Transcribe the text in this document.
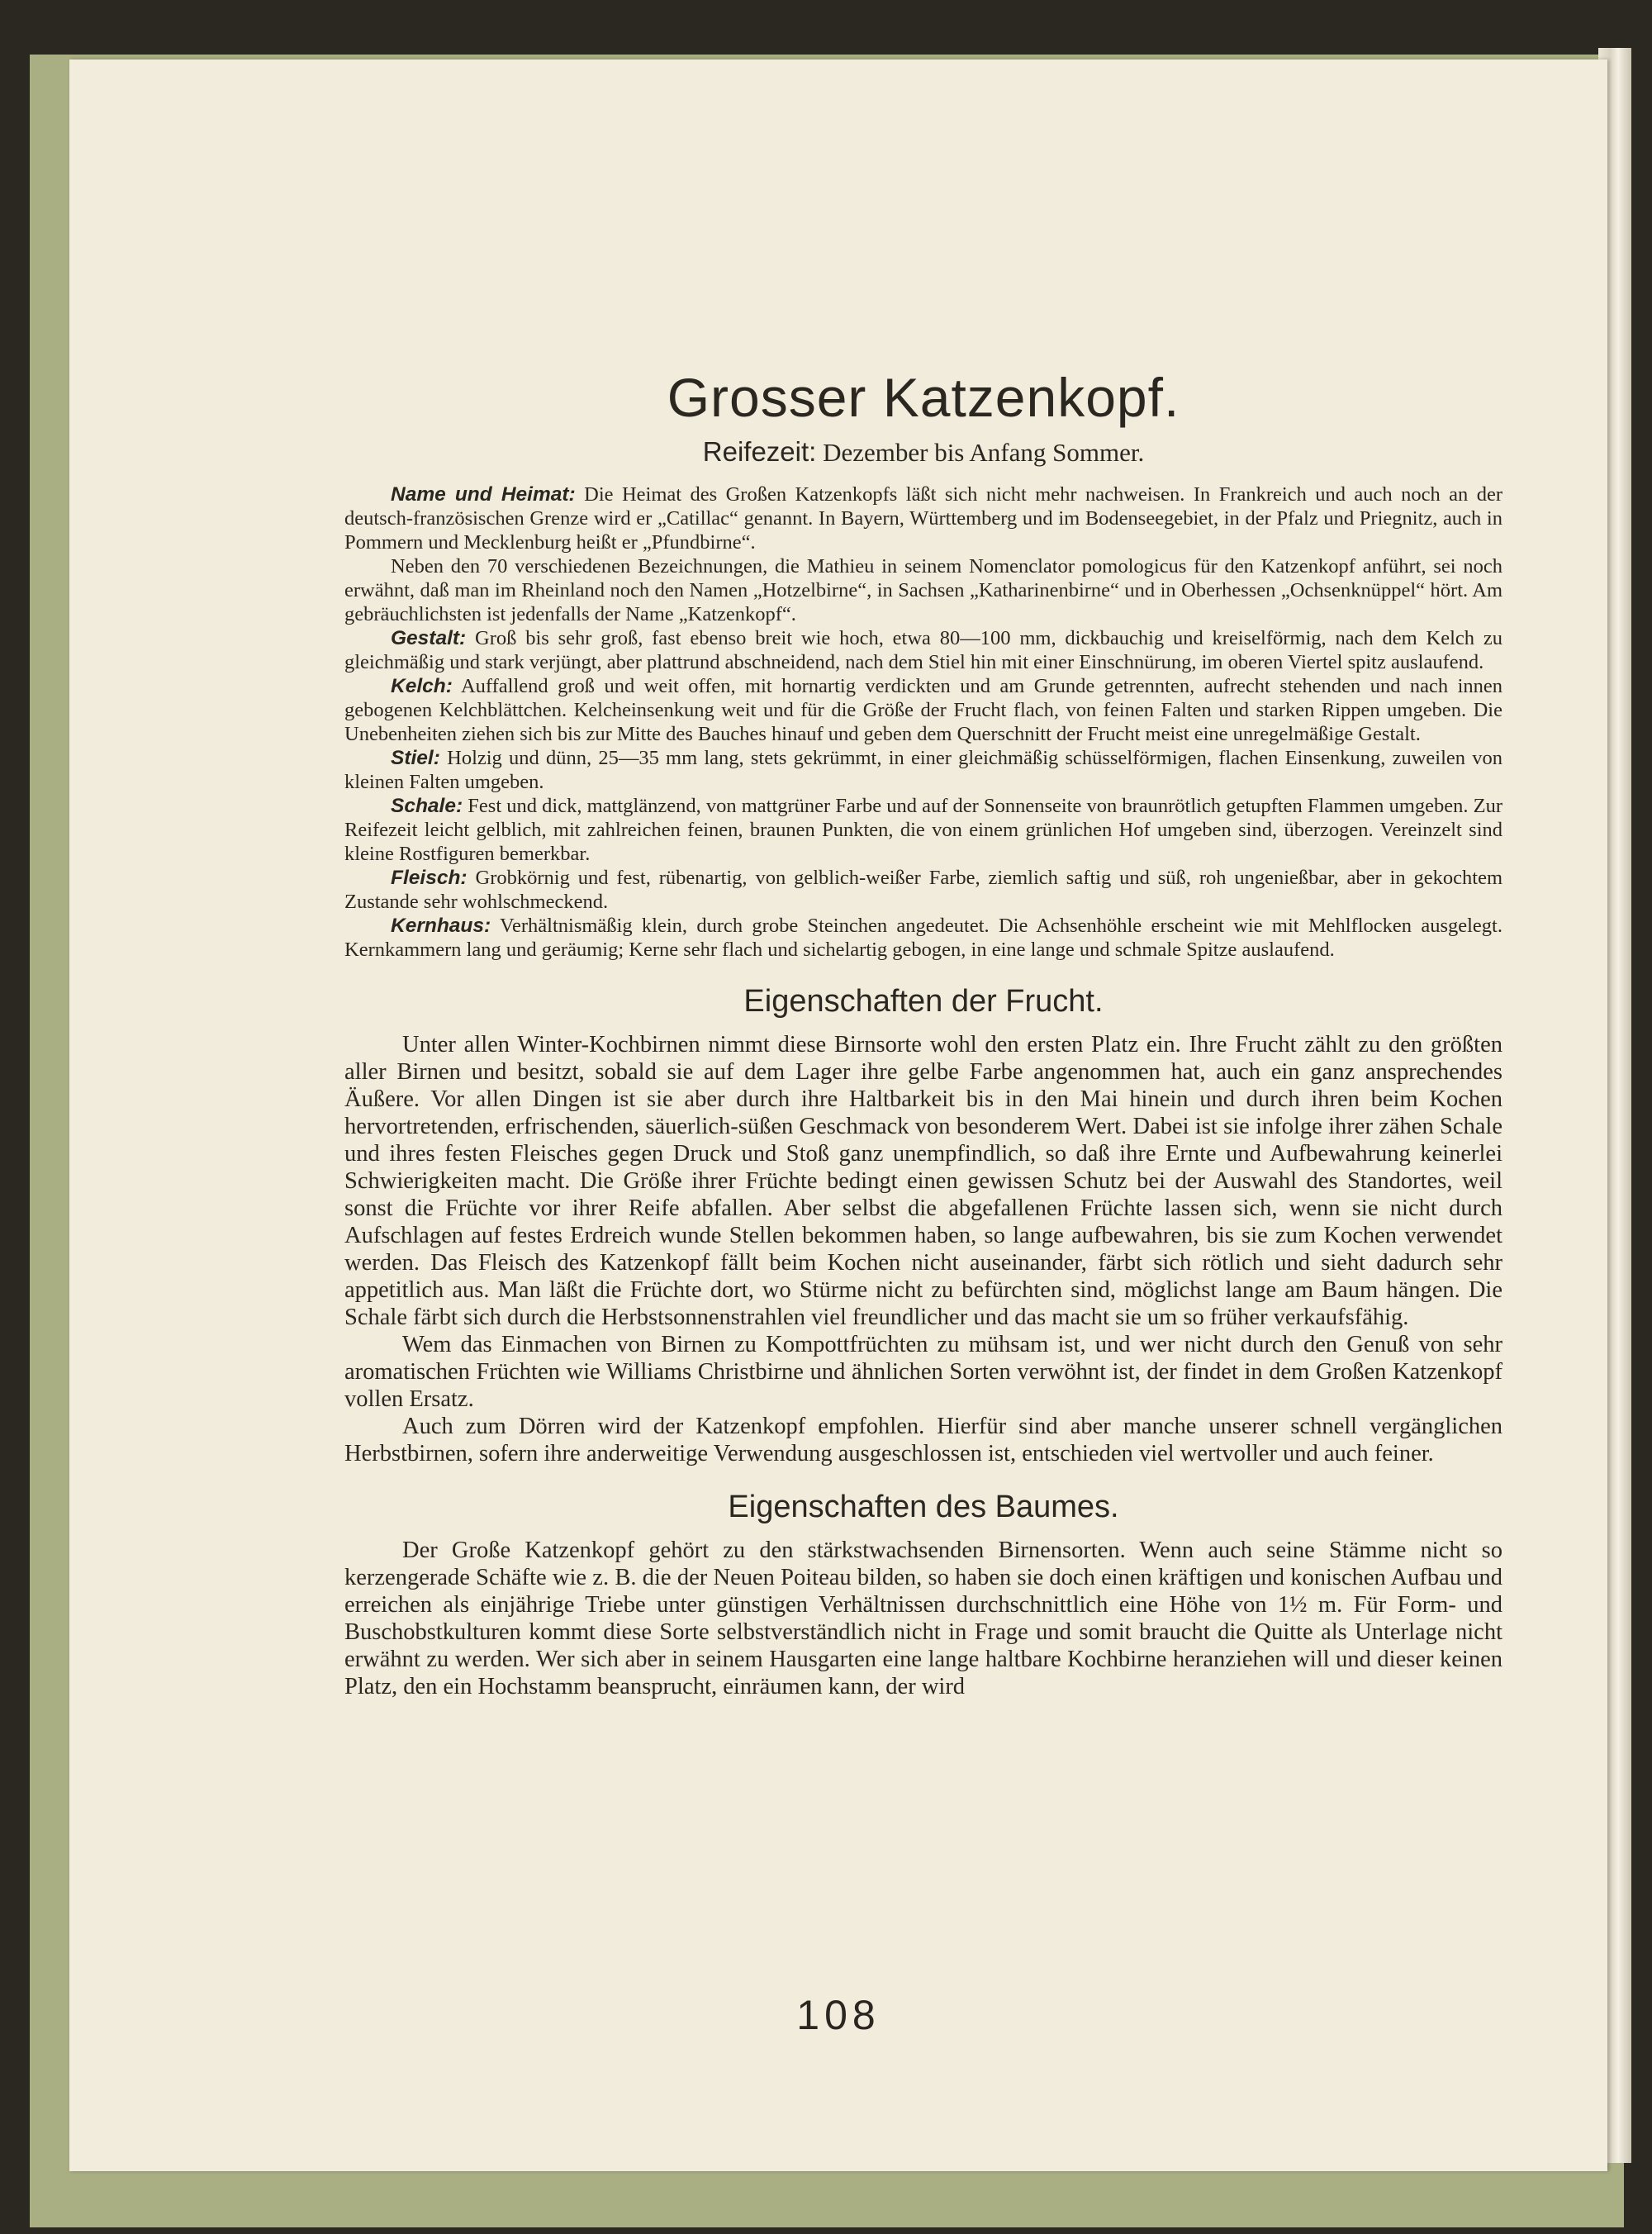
Grosser Katzenkopf.
Reifezeit: Dezember bis Anfang Sommer.

Name und Heimat: Die Heimat des Großen Katzenkopfs läßt sich nicht mehr nachweisen. In Frankreich und auch noch an der deutsch-französischen Grenze wird er „Catillac“ genannt. In Bayern, Württemberg und im Bodenseegebiet, in der Pfalz und Priegnitz, auch in Pommern und Mecklenburg heißt er „Pfundbirne“.

Neben den 70 verschiedenen Bezeichnungen, die Mathieu in seinem Nomenclator pomologicus für den Katzenkopf anführt, sei noch erwähnt, daß man im Rheinland noch den Namen „Hotzelbirne“, in Sachsen „Katharinenbirne“ und in Oberhessen „Ochsenknüppel“ hört. Am gebräuchlichsten ist jedenfalls der Name „Katzenkopf“.

Gestalt: Groß bis sehr groß, fast ebenso breit wie hoch, etwa 80—100 mm, dickbauchig und kreiselförmig, nach dem Kelch zu gleichmäßig und stark verjüngt, aber plattrund abschneidend, nach dem Stiel hin mit einer Einschnürung, im oberen Viertel spitz auslaufend.

Kelch: Auffallend groß und weit offen, mit hornartig verdickten und am Grunde getrennten, aufrecht stehenden und nach innen gebogenen Kelchblättchen. Kelcheinsenkung weit und für die Größe der Frucht flach, von feinen Falten und starken Rippen umgeben. Die Unebenheiten ziehen sich bis zur Mitte des Bauches hinauf und geben dem Querschnitt der Frucht meist eine unregelmäßige Gestalt.

Stiel: Holzig und dünn, 25—35 mm lang, stets gekrümmt, in einer gleichmäßig schüsselförmigen, flachen Einsenkung, zuweilen von kleinen Falten umgeben.

Schale: Fest und dick, mattglänzend, von mattgrüner Farbe und auf der Sonnenseite von braunrötlich getupften Flammen umgeben. Zur Reifezeit leicht gelblich, mit zahlreichen feinen, braunen Punkten, die von einem grünlichen Hof umgeben sind, überzogen. Vereinzelt sind kleine Rostfiguren bemerkbar.

Fleisch: Grobkörnig und fest, rübenartig, von gelblich-weißer Farbe, ziemlich saftig und süß, roh ungenießbar, aber in gekochtem Zustande sehr wohlschmeckend.

Kernhaus: Verhältnismäßig klein, durch grobe Steinchen angedeutet. Die Achsenhöhle erscheint wie mit Mehlflocken ausgelegt. Kernkammern lang und geräumig; Kerne sehr flach und sichelartig gebogen, in eine lange und schmale Spitze auslaufend.

Eigenschaften der Frucht.

Unter allen Winter-Kochbirnen nimmt diese Birnsorte wohl den ersten Platz ein. Ihre Frucht zählt zu den größten aller Birnen und besitzt, sobald sie auf dem Lager ihre gelbe Farbe angenommen hat, auch ein ganz ansprechendes Äußere. Vor allen Dingen ist sie aber durch ihre Haltbarkeit bis in den Mai hinein und durch ihren beim Kochen hervortretenden, erfrischenden, säuerlich-süßen Geschmack von besonderem Wert. Dabei ist sie infolge ihrer zähen Schale und ihres festen Fleisches gegen Druck und Stoß ganz unempfindlich, so daß ihre Ernte und Aufbewahrung keinerlei Schwierigkeiten macht. Die Größe ihrer Früchte bedingt einen gewissen Schutz bei der Auswahl des Standortes, weil sonst die Früchte vor ihrer Reife abfallen. Aber selbst die abgefallenen Früchte lassen sich, wenn sie nicht durch Aufschlagen auf festes Erdreich wunde Stellen bekommen haben, so lange aufbewahren, bis sie zum Kochen verwendet werden. Das Fleisch des Katzenkopf fällt beim Kochen nicht auseinander, färbt sich rötlich und sieht dadurch sehr appetitlich aus. Man läßt die Früchte dort, wo Stürme nicht zu befürchten sind, möglichst lange am Baum hängen. Die Schale färbt sich durch die Herbstsonnenstrahlen viel freundlicher und das macht sie um so früher verkaufsfähig.

Wem das Einmachen von Birnen zu Kompottfrüchten zu mühsam ist, und wer nicht durch den Genuß von sehr aromatischen Früchten wie Williams Christbirne und ähnlichen Sorten verwöhnt ist, der findet in dem Großen Katzenkopf vollen Ersatz.

Auch zum Dörren wird der Katzenkopf empfohlen. Hierfür sind aber manche unserer schnell vergänglichen Herbstbirnen, sofern ihre anderweitige Verwendung ausgeschlossen ist, entschieden viel wertvoller und auch feiner.

Eigenschaften des Baumes.

Der Große Katzenkopf gehört zu den stärkstwachsenden Birnensorten. Wenn auch seine Stämme nicht so kerzengerade Schäfte wie z. B. die der Neuen Poiteau bilden, so haben sie doch einen kräftigen und konischen Aufbau und erreichen als einjährige Triebe unter günstigen Verhältnissen durchschnittlich eine Höhe von 1½ m. Für Form- und Buschobstkulturen kommt diese Sorte selbstverständlich nicht in Frage und somit braucht die Quitte als Unterlage nicht erwähnt zu werden. Wer sich aber in seinem Hausgarten eine lange haltbare Kochbirne heranziehen will und dieser keinen Platz, den ein Hochstamm beansprucht, einräumen kann, der wird

108
